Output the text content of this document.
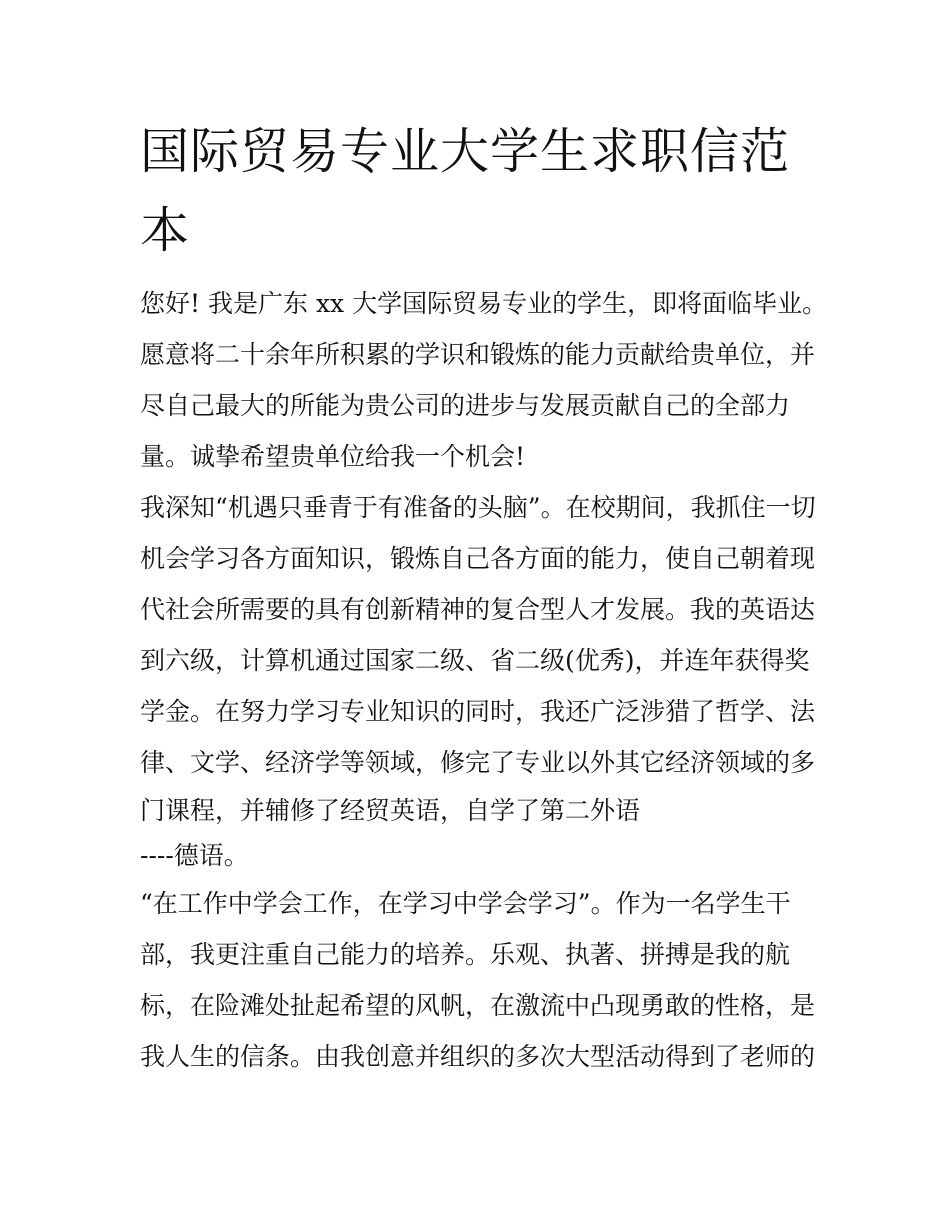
国际贸易专业大学生求职信范
本
您好! 我是广东 xx 大学国际贸易专业的学生，即将面临毕业。
愿意将二十余年所积累的学识和锻炼的能力贡献给贵单位，并
尽自己最大的所能为贵公司的进步与发展贡献自己的全部力
量。诚挚希望贵单位给我一个机会!
我深知“机遇只垂青于有准备的头脑”。在校期间，我抓住一切
机会学习各方面知识，锻炼自己各方面的能力，使自己朝着现
代社会所需要的具有创新精神的复合型人才发展。我的英语达
到六级，计算机通过国家二级、省二级(优秀)，并连年获得奖
学金。在努力学习专业知识的同时，我还广泛涉猎了哲学、法
律、文学、经济学等领域，修完了专业以外其它经济领域的多
门课程，并辅修了经贸英语，自学了第二外语
----德语。
“在工作中学会工作，在学习中学会学习”。作为一名学生干
部，我更注重自己能力的培养。乐观、执著、拼搏是我的航
标，在险滩处扯起希望的风帆，在激流中凸现勇敢的性格，是
我人生的信条。由我创意并组织的多次大型活动得到了老师的
